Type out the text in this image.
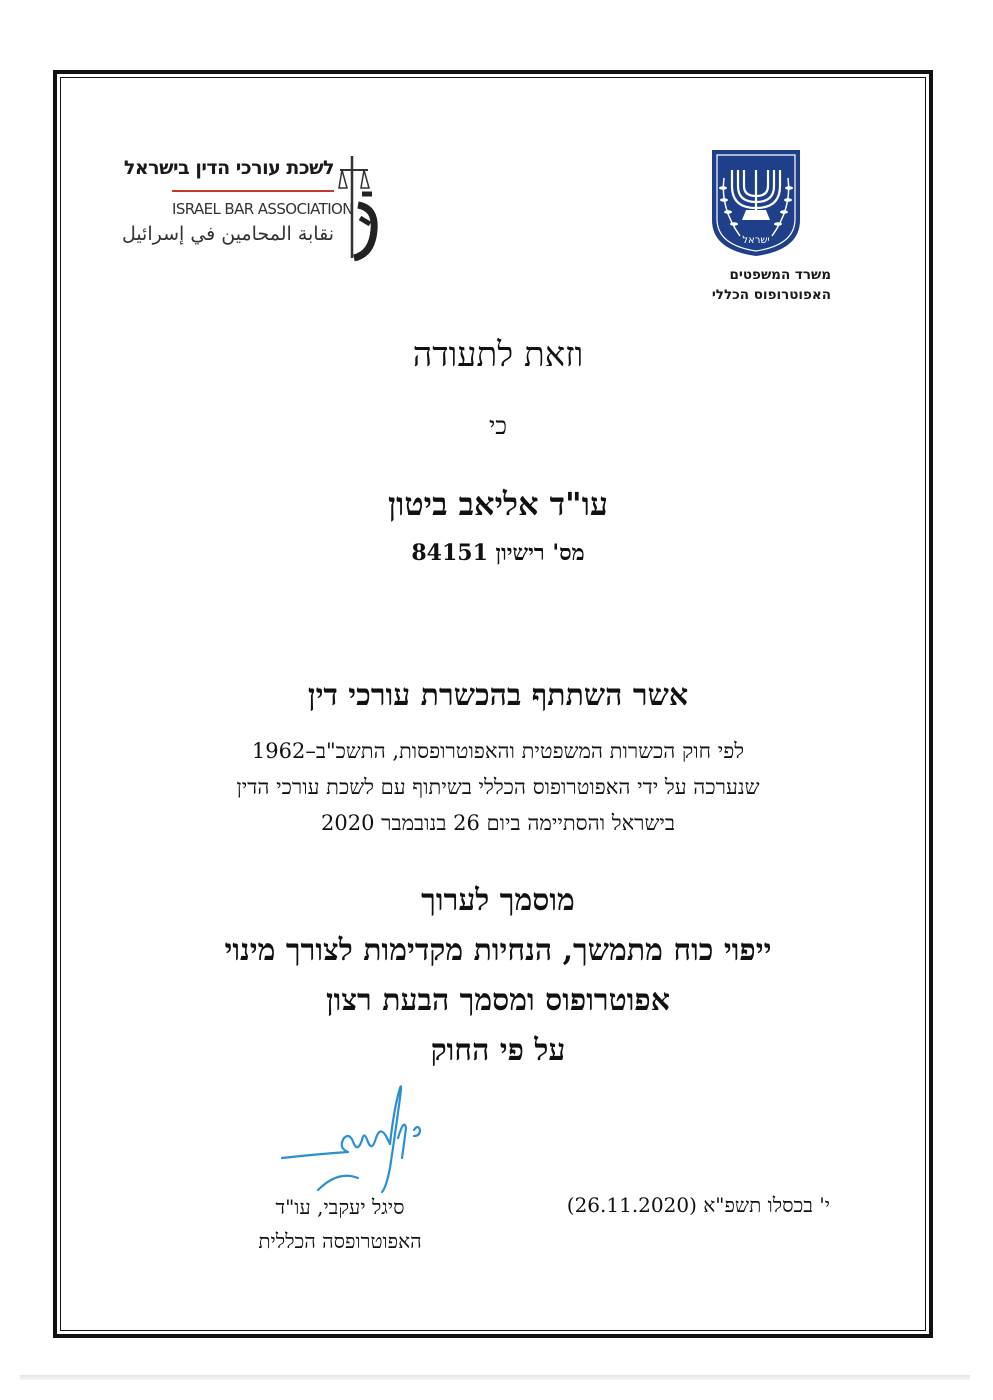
לשכת עורכי הדין בישראל
ISRAEL BAR ASSOCIATION
نقابة المحامين في إسرائيل	ישראל
משרד המשפטים
האפוטרופוס הכללי
וזאת לתעודה
כי
עו"ד אליאב ביטון
מס' רישיון 84151
אשר השתתף בהכשרת עורכי דין
לפי חוק הכשרות המשפטית והאפוטרופסות, התשכ"ב–1962
שנערכה על ידי האפוטרופוס הכללי בשיתוף עם לשכת עורכי הדין
בישראל והסתיימה ביום 26 בנובמבר 2020
מוסמך לערוך
ייפוי כוח מתמשך, הנחיות מקדימות לצורך מינוי
אפוטרופוס ומסמך הבעת רצון
על פי החוק
סיגל יעקבי, עו"ד
האפוטרופסה הכללית
י' בכסלו תשפ"א (26.11.2020)
